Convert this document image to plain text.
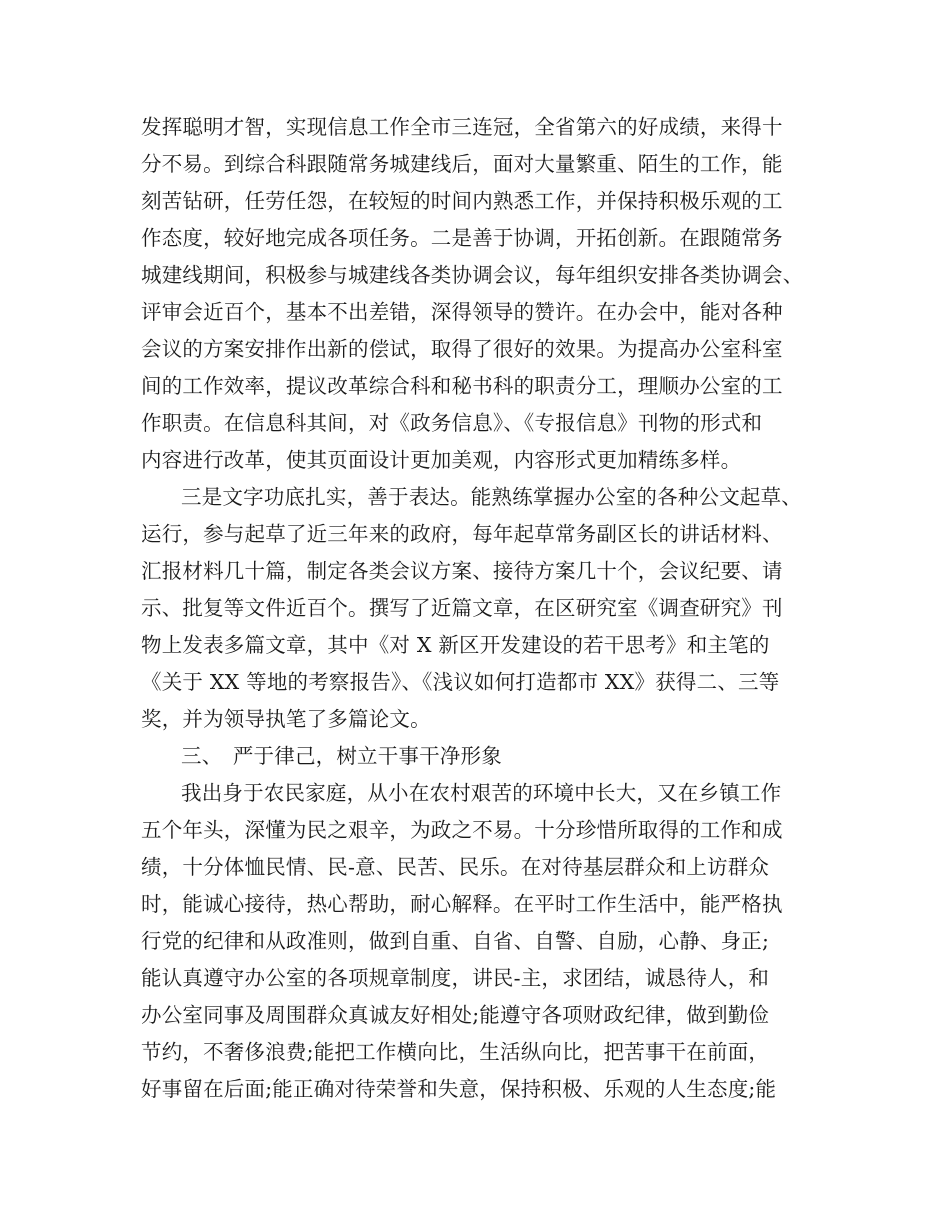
发挥聪明才智，实现信息工作全市三连冠，全省第六的好成绩，来得十
分不易。到综合科跟随常务城建线后，面对大量繁重、陌生的工作，能
刻苦钻研，任劳任怨，在较短的时间内熟悉工作，并保持积极乐观的工
作态度，较好地完成各项任务。二是善于协调，开拓创新。在跟随常务
城建线期间，积极参与城建线各类协调会议，每年组织安排各类协调会、
评审会近百个，基本不出差错，深得领导的赞许。在办会中，能对各种
会议的方案安排作出新的偿试，取得了很好的效果。为提高办公室科室
间的工作效率，提议改革综合科和秘书科的职责分工，理顺办公室的工
作职责。在信息科其间，对《政务信息》、《专报信息》刊物的形式和
内容进行改革，使其页面设计更加美观，内容形式更加精练多样。
三是文字功底扎实，善于表达。能熟练掌握办公室的各种公文起草、
运行，参与起草了近三年来的政府，每年起草常务副区长的讲话材料、
汇报材料几十篇，制定各类会议方案、接待方案几十个，会议纪要、请
示、批复等文件近百个。撰写了近篇文章，在区研究室《调查研究》刊
物上发表多篇文章，其中《对 X 新区开发建设的若干思考》和主笔的
《关于 XX 等地的考察报告》、《浅议如何打造都市 XX》获得二、三等
奖，并为领导执笔了多篇论文。
三、　严于律己，树立干事干净形象
我出身于农民家庭，从小在农村艰苦的环境中长大，又在乡镇工作
五个年头，深懂为民之艰辛，为政之不易。十分珍惜所取得的工作和成
绩，十分体恤民情、民-意、民苦、民乐。在对待基层群众和上访群众
时，能诚心接待，热心帮助，耐心解释。在平时工作生活中，能严格执
行党的纪律和从政准则，做到自重、自省、自警、自励，心静、身正;
能认真遵守办公室的各项规章制度，讲民-主，求团结，诚恳待人，和
办公室同事及周围群众真诚友好相处;能遵守各项财政纪律，做到勤俭
节约，不奢侈浪费;能把工作横向比，生活纵向比，把苦事干在前面，
好事留在后面;能正确对待荣誉和失意，保持积极、乐观的人生态度;能
